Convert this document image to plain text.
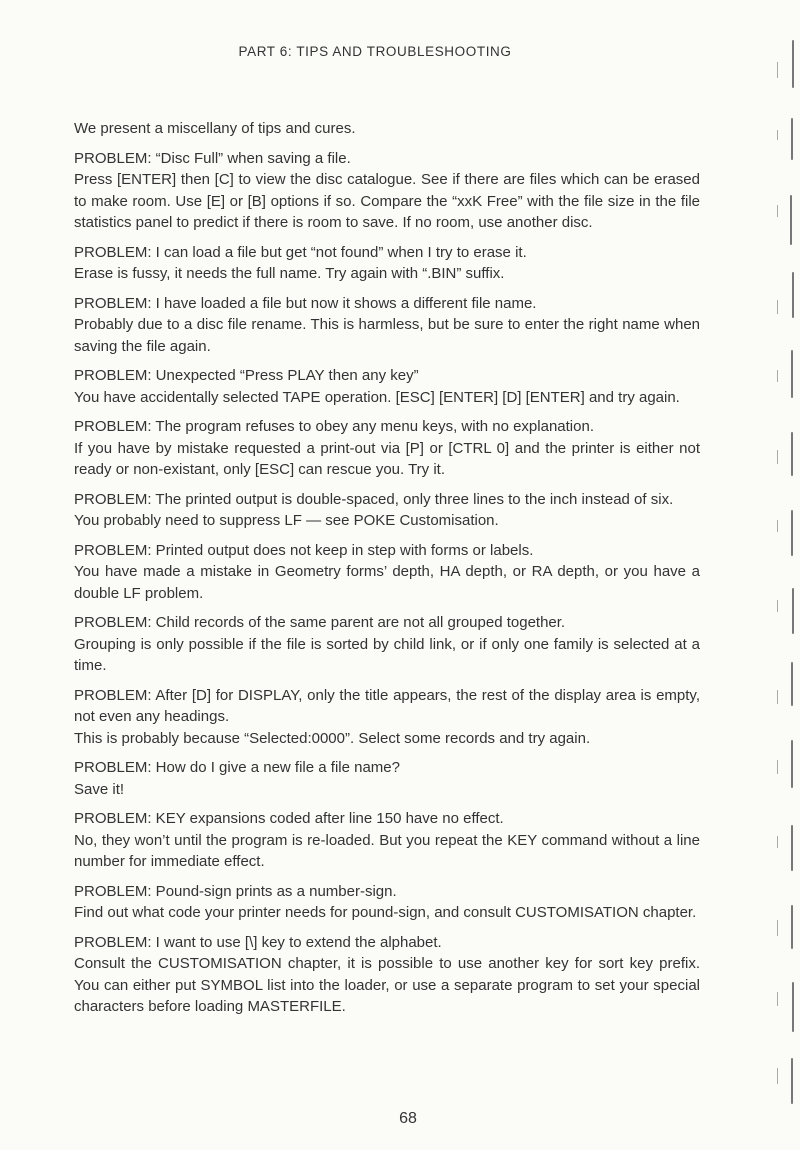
PART 6: TIPS AND TROUBLESHOOTING

We present a miscellany of tips and cures.

PROBLEM: “Disc Full” when saving a file.

Press [ENTER] then [C] to view the disc catalogue. See if there are files which can be erased to make room. Use [E] or [B] options if so. Compare the “xxK Free” with the file size in the file statistics panel to predict if there is room to save. If no room, use another disc.

PROBLEM: I can load a file but get “not found” when I try to erase it.

Erase is fussy, it needs the full name. Try again with “.BIN” suffix.

PROBLEM: I have loaded a file but now it shows a different file name.

Probably due to a disc file rename. This is harmless, but be sure to enter the right name when saving the file again.

PROBLEM: Unexpected “Press PLAY then any key”

You have accidentally selected TAPE operation. [ESC] [ENTER] [D] [ENTER] and try again.

PROBLEM: The program refuses to obey any menu keys, with no explanation.

If you have by mistake requested a print-out via [P] or [CTRL 0] and the printer is either not ready or non-existant, only [ESC] can rescue you. Try it.

PROBLEM: The printed output is double-spaced, only three lines to the inch instead of six.

You probably need to suppress LF — see POKE Customisation.

PROBLEM: Printed output does not keep in step with forms or labels.

You have made a mistake in Geometry forms’ depth, HA depth, or RA depth, or you have a double LF problem.

PROBLEM: Child records of the same parent are not all grouped together.

Grouping is only possible if the file is sorted by child link, or if only one family is selected at a time.

PROBLEM: After [D] for DISPLAY, only the title appears, the rest of the display area is empty, not even any headings.

This is probably because “Selected:0000”. Select some records and try again.

PROBLEM: How do I give a new file a file name?

Save it!

PROBLEM: KEY expansions coded after line 150 have no effect.

No, they won’t until the program is re-loaded. But you repeat the KEY command without a line number for immediate effect.

PROBLEM: Pound-sign prints as a number-sign.

Find out what code your printer needs for pound-sign, and consult CUSTOMISATION chapter.

PROBLEM: I want to use [\] key to extend the alphabet.

Consult the CUSTOMISATION chapter, it is possible to use another key for sort key prefix. You can either put SYMBOL list into the loader, or use a separate program to set your special characters before loading MASTERFILE.

68
